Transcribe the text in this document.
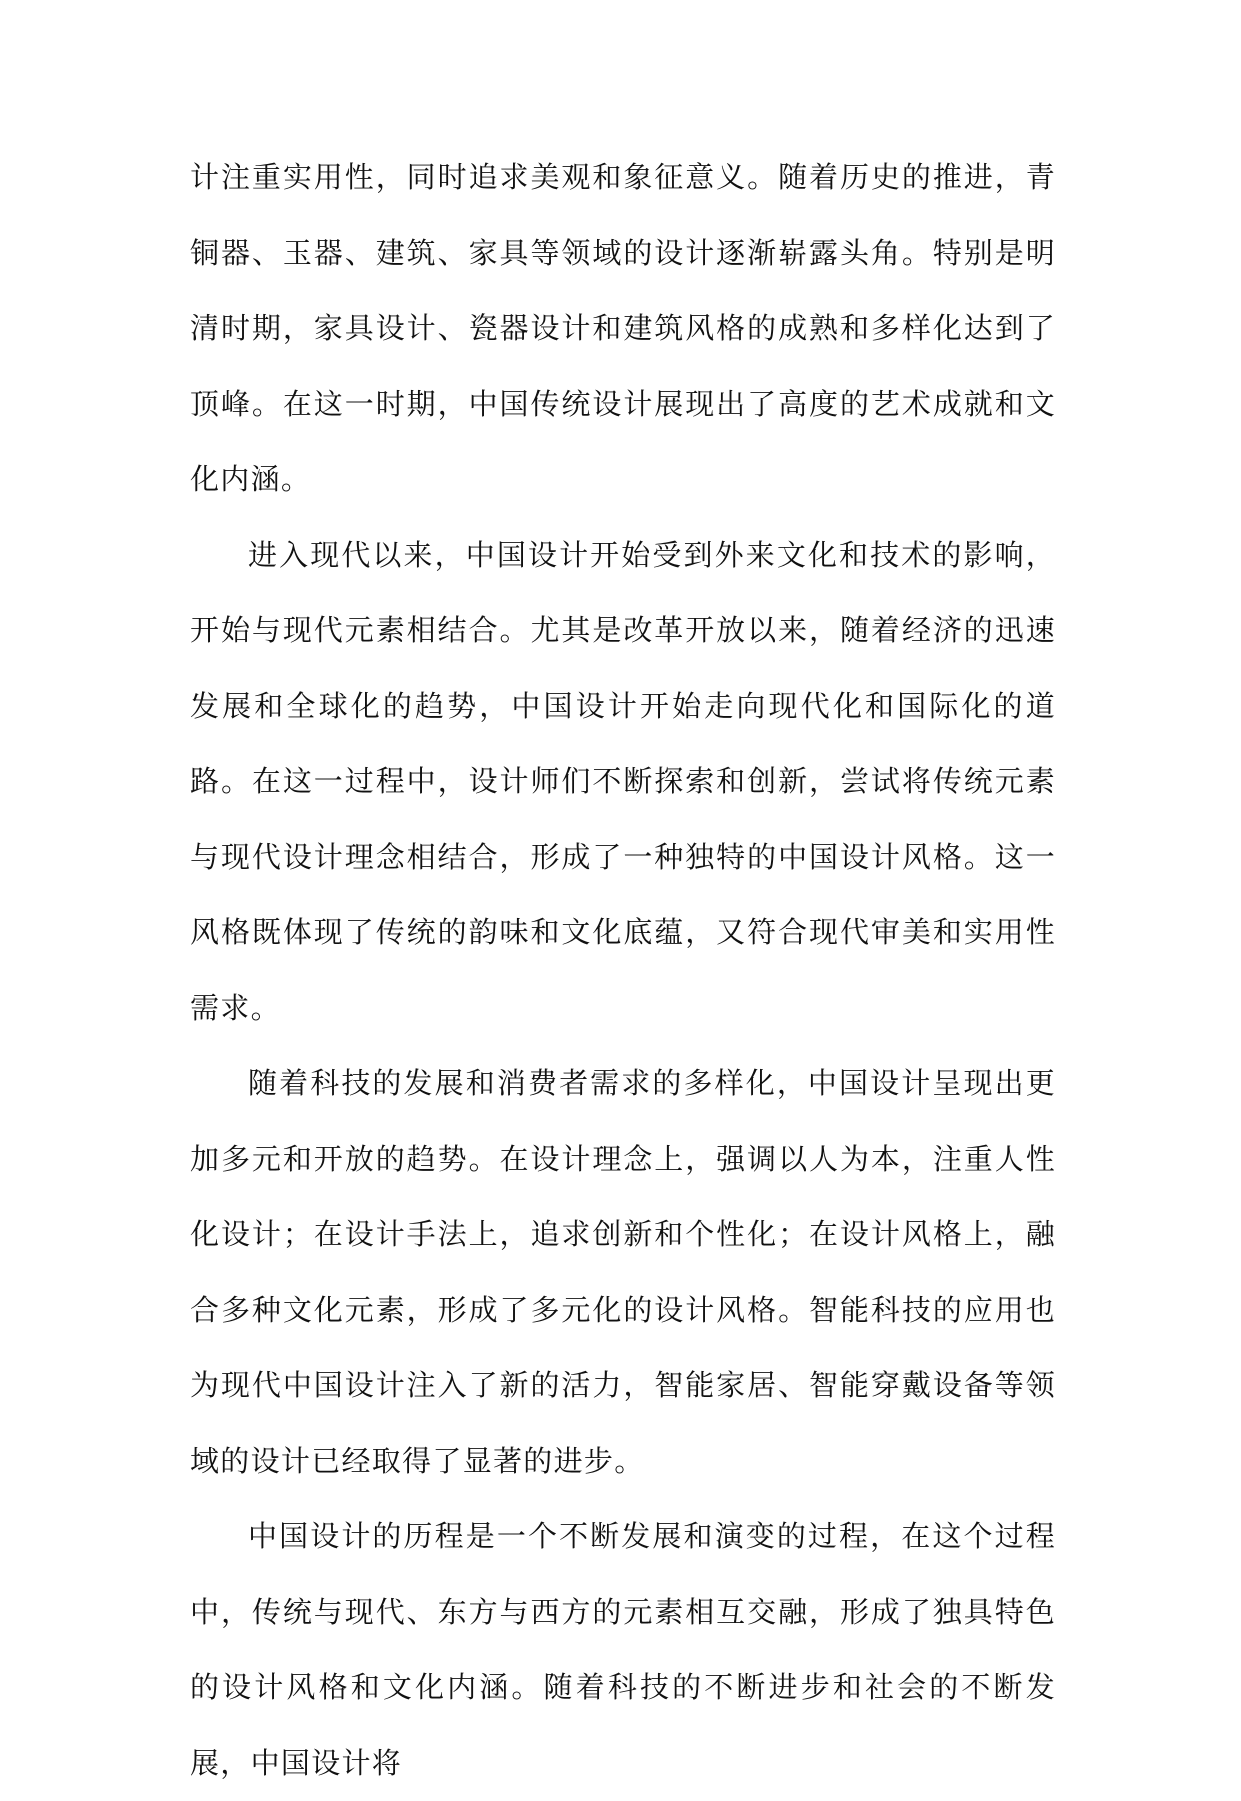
计注重实用性，同时追求美观和象征意义。随着历史的推进，青铜器、玉器、建筑、家具等领域的设计逐渐崭露头角。特别是明清时期，家具设计、瓷器设计和建筑风格的成熟和多样化达到了顶峰。在这一时期，中国传统设计展现出了高度的艺术成就和文化内涵。

进入现代以来，中国设计开始受到外来文化和技术的影响，开始与现代元素相结合。尤其是改革开放以来，随着经济的迅速发展和全球化的趋势，中国设计开始走向现代化和国际化的道路。在这一过程中，设计师们不断探索和创新，尝试将传统元素与现代设计理念相结合，形成了一种独特的中国设计风格。这一风格既体现了传统的韵味和文化底蕴，又符合现代审美和实用性需求。

随着科技的发展和消费者需求的多样化，中国设计呈现出更加多元和开放的趋势。在设计理念上，强调以人为本，注重人性化设计；在设计手法上，追求创新和个性化；在设计风格上，融合多种文化元素，形成了多元化的设计风格。智能科技的应用也为现代中国设计注入了新的活力，智能家居、智能穿戴设备等领域的设计已经取得了显著的进步。

中国设计的历程是一个不断发展和演变的过程，在这个过程中，传统与现代、东方与西方的元素相互交融，形成了独具特色的设计风格和文化内涵。随着科技的不断进步和社会的不断发展，中国设计将
